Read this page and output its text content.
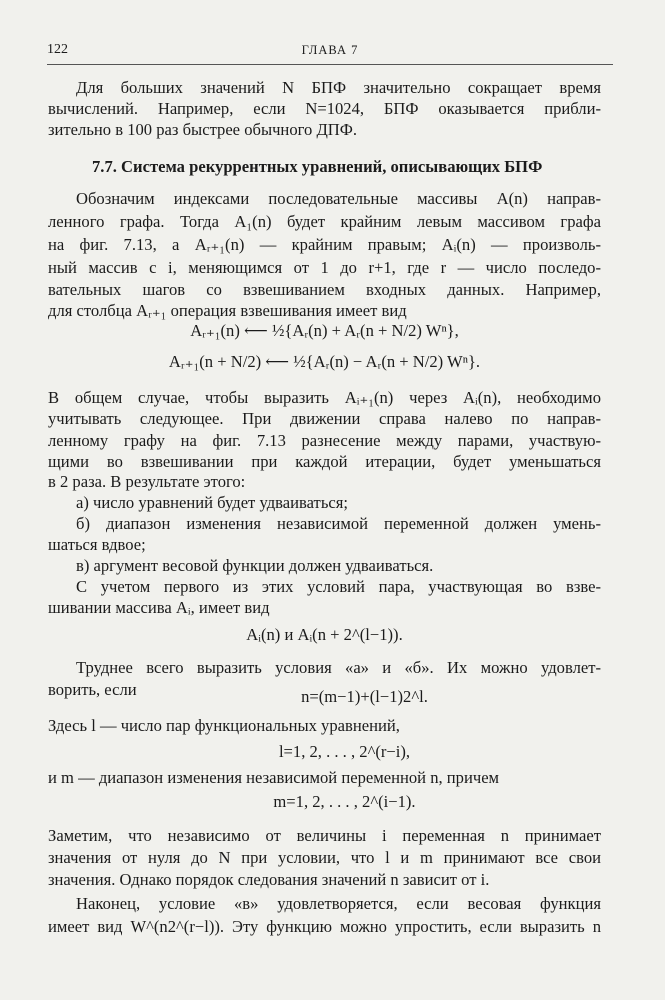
122	ГЛАВА 7
Для больших значений N БПФ значительно сокращает время
вычислений. Например, если N=1024, БПФ оказывается прибли-
зительно в 100 раз быстрее обычного ДПФ.
7.7. Система рекуррентных уравнений, описывающих БПФ
Обозначим индексами последовательные массивы A(n) направ-
ленного графа. Тогда A₁(n) будет крайним левым массивом графа
на фиг. 7.13, а Aᵣ₊₁(n) — крайним правым; Aᵢ(n) — произволь-
ный массив с i, меняющимся от 1 до r+1, где r — число последо-
вательных шагов со взвешиванием входных данных. Например,
для столбца Aᵣ₊₁ операция взвешивания имеет вид
Aᵣ₊₁(n) ⟵ ½{Aᵣ(n) + Aᵣ(n + N/2) Wⁿ},
Aᵣ₊₁(n + N/2) ⟵ ½{Aᵣ(n) − Aᵣ(n + N/2) Wⁿ}.
В общем случае, чтобы выразить Aᵢ₊₁(n) через Aᵢ(n), необходимо
учитывать следующее. При движении справа налево по направ-
ленному графу на фиг. 7.13 разнесение между парами, участвую-
щими во взвешивании при каждой итерации, будет уменьшаться
в 2 раза. В результате этого:
а) число уравнений будет удваиваться;
б) диапазон изменения независимой переменной должен умень-
шаться вдвое;
в) аргумент весовой функции должен удваиваться.
С учетом первого из этих условий пара, участвующая во взве-
шивании массива Aᵢ, имеет вид
Aᵢ(n) и Aᵢ(n + 2^(l−1)).
Труднее всего выразить условия «а» и «б». Их можно удовлет-
ворить, если	n=(m−1)+(l−1)2^l.
Здесь l — число пар функциональных уравнений,
l=1, 2, . . . , 2^(r−i),
и m — диапазон изменения независимой переменной n, причем
m=1, 2, . . . , 2^(i−1).
Заметим, что независимо от величины i переменная n принимает
значения от нуля до N при условии, что l и m принимают все свои
значения. Однако порядок следования значений n зависит от i.
Наконец, условие «в» удовлетворяется, если весовая функция
имеет вид W^(n2^(r−l)). Эту функцию можно упростить, если выразить n
